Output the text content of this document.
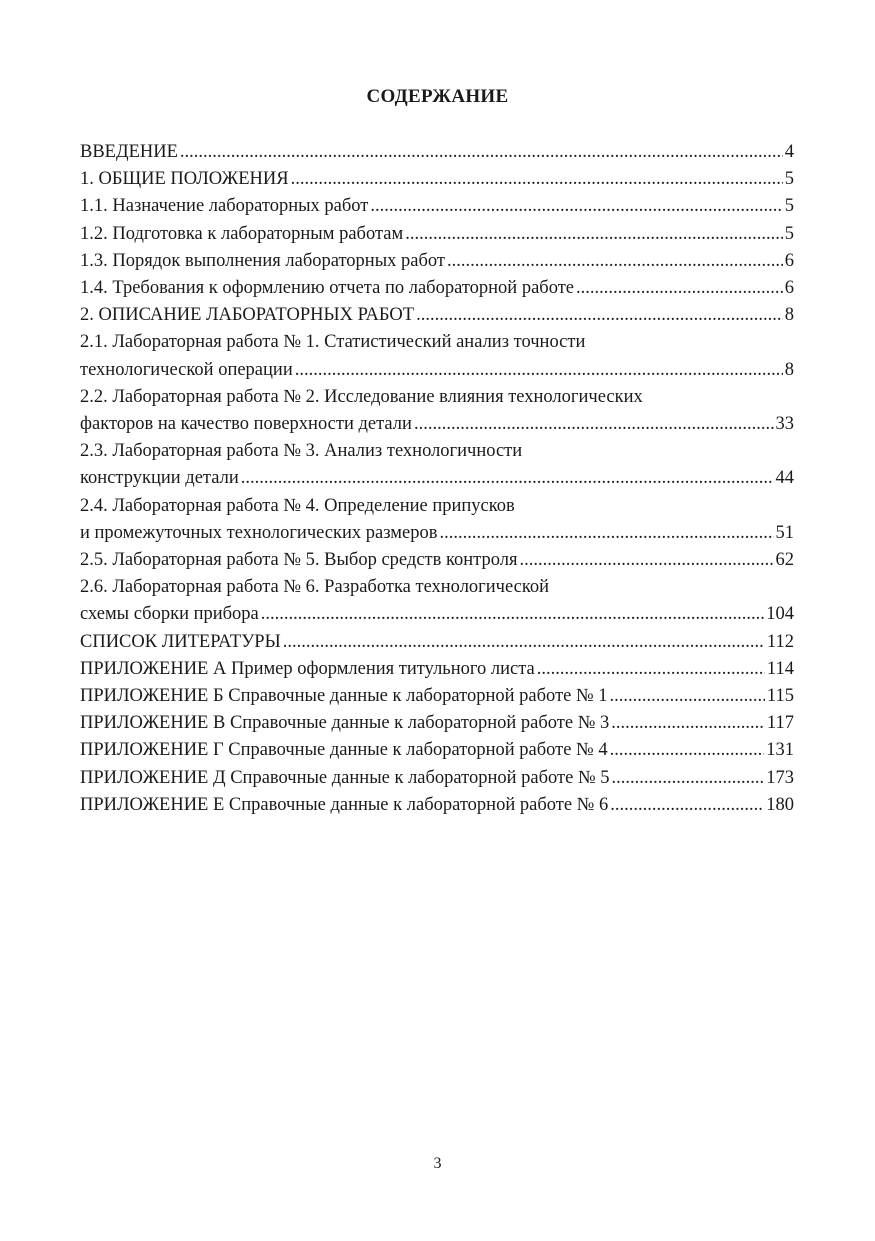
СОДЕРЖАНИЕ
ВВЕДЕНИЕ .....	4
1. ОБЩИЕ ПОЛОЖЕНИЯ .....	5
1.1. Назначение лабораторных работ .....	5
1.2. Подготовка к лабораторным работам .....	5
1.3. Порядок выполнения лабораторных работ .....	6
1.4. Требования к оформлению отчета по лабораторной работе .....	6
2. ОПИСАНИЕ ЛАБОРАТОРНЫХ РАБОТ .....	8
2.1. Лабораторная работа № 1. Статистический анализ точности
технологической операции .....	8
2.2. Лабораторная работа № 2. Исследование влияния технологических
факторов на качество поверхности детали .....	33
2.3. Лабораторная работа № 3. Анализ технологичности
конструкции детали .....	44
2.4. Лабораторная работа № 4. Определение припусков
и промежуточных технологических размеров .....	51
2.5. Лабораторная работа № 5. Выбор средств контроля .....	62
2.6. Лабораторная работа № 6. Разработка технологической
схемы сборки прибора .....	104
СПИСОК ЛИТЕРАТУРЫ .....	112
ПРИЛОЖЕНИЕ А Пример оформления титульного листа .....	114
ПРИЛОЖЕНИЕ Б Справочные данные к лабораторной работе № 1 .....	115
ПРИЛОЖЕНИЕ В Справочные данные к лабораторной работе № 3 .....	117
ПРИЛОЖЕНИЕ Г Справочные данные к лабораторной работе № 4 .....	131
ПРИЛОЖЕНИЕ Д Справочные данные к лабораторной работе № 5 .....	173
ПРИЛОЖЕНИЕ Е Справочные данные к лабораторной работе № 6 .....	180
3
